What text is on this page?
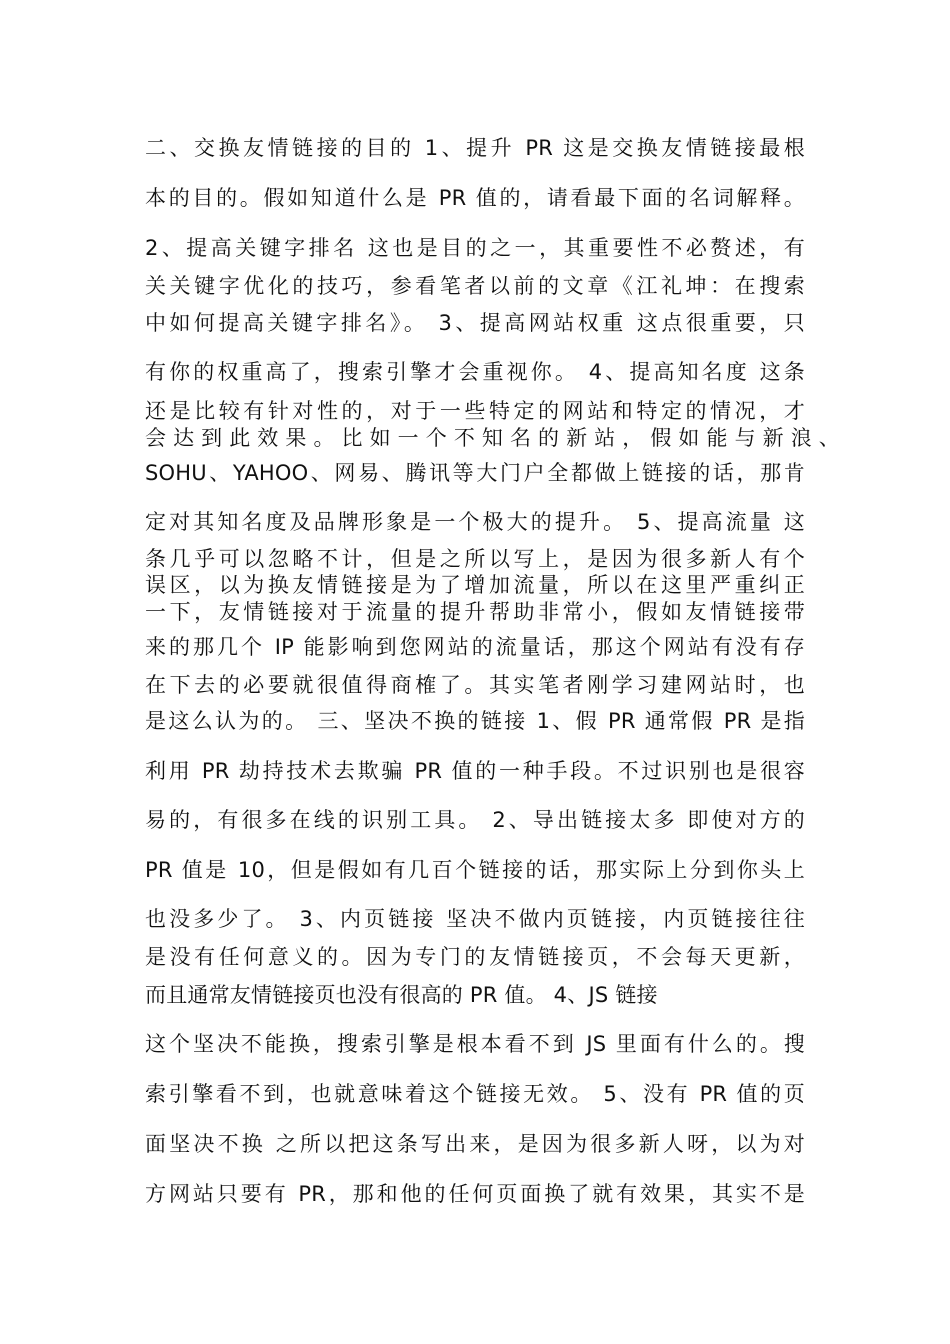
二、交换友情链接的目的 1、提升 PR 这是交换友情链接最根
本的目的。假如知道什么是 PR 值的，请看最下面的名词解释。
2、提高关键字排名 这也是目的之一，其重要性不必赘述，有
关关键字优化的技巧，参看笔者以前的文章《江礼坤：在搜索
中如何提高关键字排名》。 3、提高网站权重 这点很重要，只
有你的权重高了，搜索引擎才会重视你。 4、提高知名度 这条
还是比较有针对性的，对于一些特定的网站和特定的情况，才
会 达 到 此 效 果 。 比 如 一 个 不 知 名 的 新 站 ， 假 如 能 与 新 浪 、
SOHU、YAHOO、网易、腾讯等大门户全都做上链接的话，那肯
定对其知名度及品牌形象是一个极大的提升。 5、提高流量 这
条几乎可以忽略不计，但是之所以写上，是因为很多新人有个
误区，以为换友情链接是为了增加流量，所以在这里严重纠正
一下，友情链接对于流量的提升帮助非常小，假如友情链接带
来的那几个 IP 能影响到您网站的流量话，那这个网站有没有存
在下去的必要就很值得商榷了。其实笔者刚学习建网站时，也
是这么认为的。 三、坚决不换的链接 1、假 PR 通常假 PR 是指
利用 PR 劫持技术去欺骗 PR 值的一种手段。不过识别也是很容
易的，有很多在线的识别工具。 2、导出链接太多 即使对方的
PR 值是 10，但是假如有几百个链接的话，那实际上分到你头上
也没多少了。 3、内页链接 坚决不做内页链接，内页链接往往
是没有任何意义的。因为专门的友情链接页，不会每天更新，
而且通常友情链接页也没有很高的 PR 值。 4、JS 链接
这个坚决不能换，搜索引擎是根本看不到 JS 里面有什么的。搜
索引擎看不到，也就意味着这个链接无效。 5、没有 PR 值的页
面坚决不换 之所以把这条写出来，是因为很多新人呀，以为对
方网站只要有 PR，那和他的任何页面换了就有效果，其实不是
